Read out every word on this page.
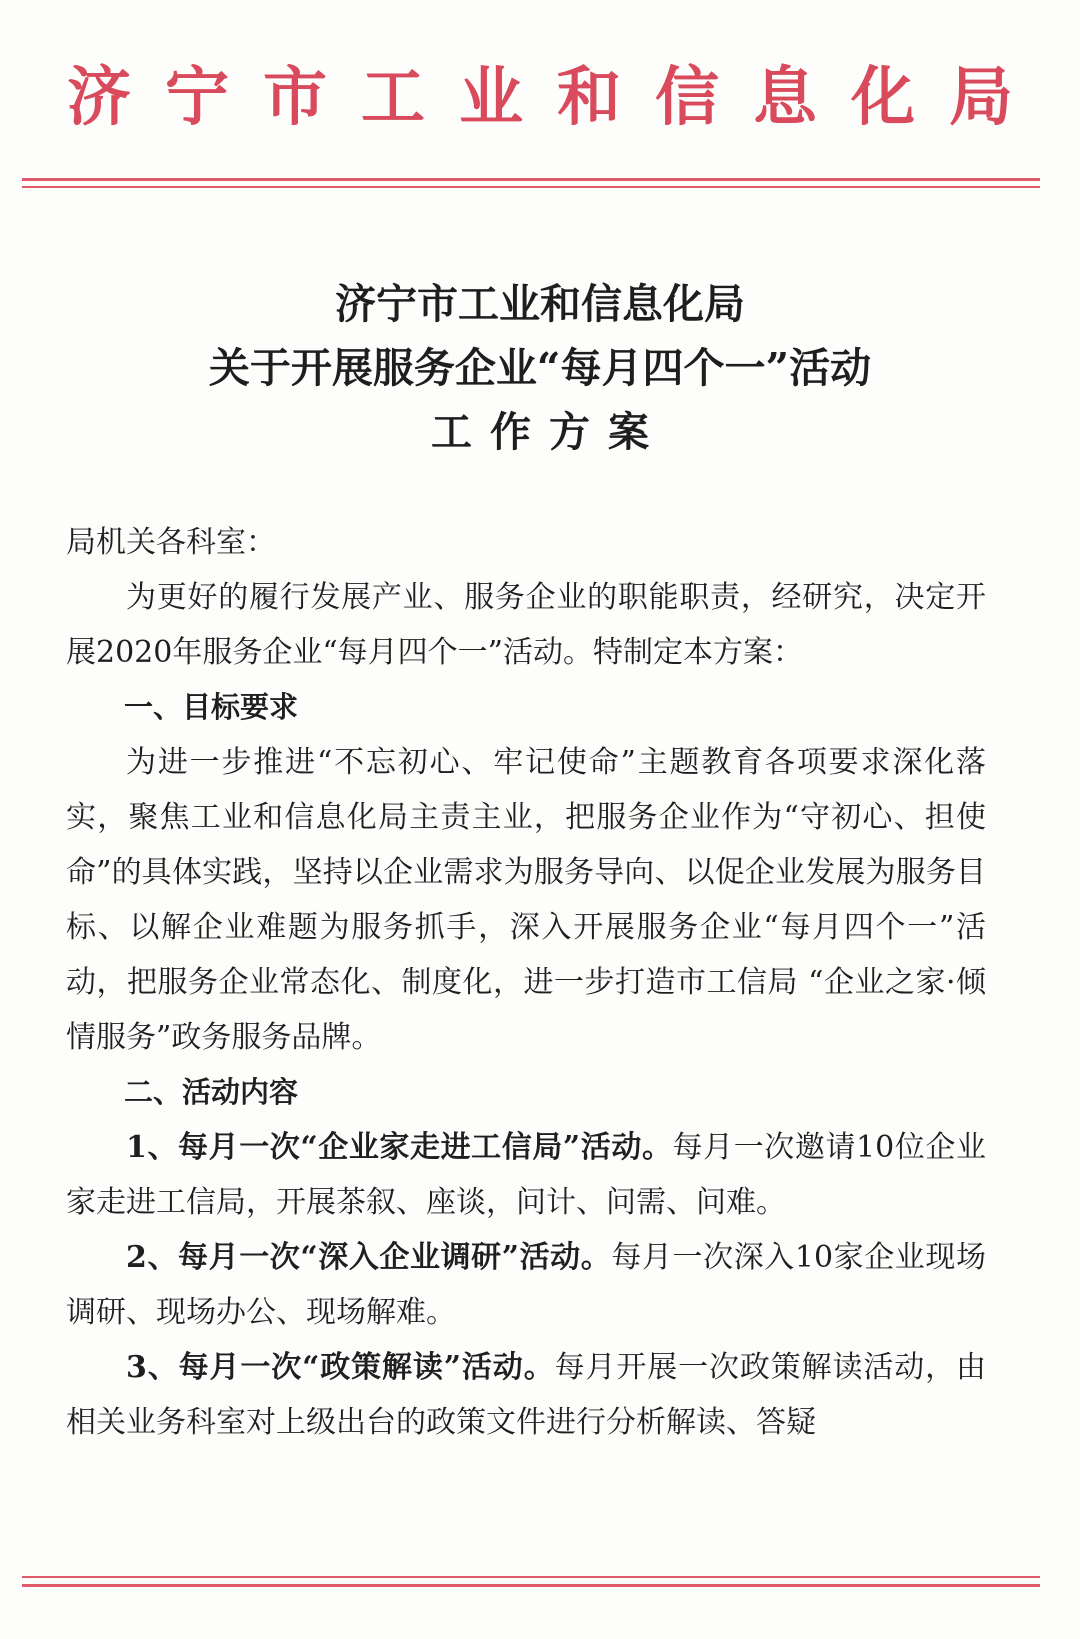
济宁市工业和信息化局
济宁市工业和信息化局
关于开展服务企业“每月四个一”活动
工作方案

局机关各科室：

为更好的履行发展产业、服务企业的职能职责，经研究，决定开展2020年服务企业“每月四个一”活动。特制定本方案：

一、目标要求

为进一步推进“不忘初心、牢记使命”主题教育各项要求深化落实，聚焦工业和信息化局主责主业，把服务企业作为“守初心、担使命”的具体实践，坚持以企业需求为服务导向、以促企业发展为服务目标、以解企业难题为服务抓手，深入开展服务企业“每月四个一”活动，把服务企业常态化、制度化，进一步打造市工信局 “企业之家·倾情服务”政务服务品牌。

二、活动内容

1、每月一次“企业家走进工信局”活动。每月一次邀请10位企业家走进工信局，开展茶叙、座谈，问计、问需、问难。

2、每月一次“深入企业调研”活动。每月一次深入10家企业现场调研、现场办公、现场解难。

3、每月一次“政策解读”活动。每月开展一次政策解读活动，由相关业务科室对上级出台的政策文件进行分析解读、答疑
